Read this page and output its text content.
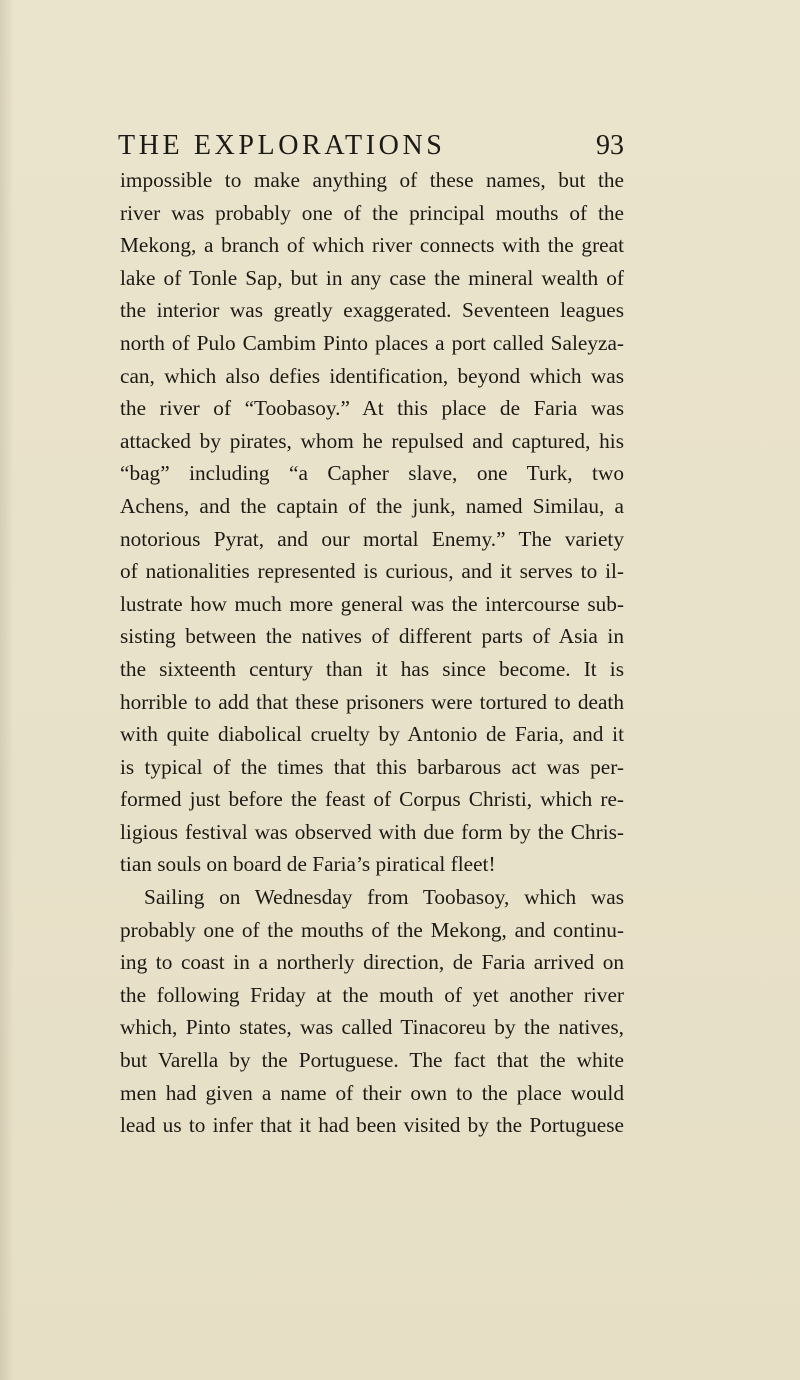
THE EXPLORATIONS	93
impossible to make anything of these names, but the
river was probably one of the principal mouths of the
Mekong, a branch of which river connects with the great
lake of Tonle Sap, but in any case the mineral wealth of
the interior was greatly exaggerated. Seventeen leagues
north of Pulo Cambim Pinto places a port called Saleyza-
can, which also defies identification, beyond which was
the river of “Toobasoy.” At this place de Faria was
attacked by pirates, whom he repulsed and captured, his
“bag” including “a Capher slave, one Turk, two
Achens, and the captain of the junk, named Similau, a
notorious Pyrat, and our mortal Enemy.” The variety
of nationalities represented is curious, and it serves to il-
lustrate how much more general was the intercourse sub-
sisting between the natives of different parts of Asia in
the sixteenth century than it has since become. It is
horrible to add that these prisoners were tortured to death
with quite diabolical cruelty by Antonio de Faria, and it
is typical of the times that this barbarous act was per-
formed just before the feast of Corpus Christi, which re-
ligious festival was observed with due form by the Chris-
tian souls on board de Faria’s piratical fleet!
Sailing on Wednesday from Toobasoy, which was
probably one of the mouths of the Mekong, and continu-
ing to coast in a northerly direction, de Faria arrived on
the following Friday at the mouth of yet another river
which, Pinto states, was called Tinacoreu by the natives,
but Varella by the Portuguese. The fact that the white
men had given a name of their own to the place would
lead us to infer that it had been visited by the Portuguese
